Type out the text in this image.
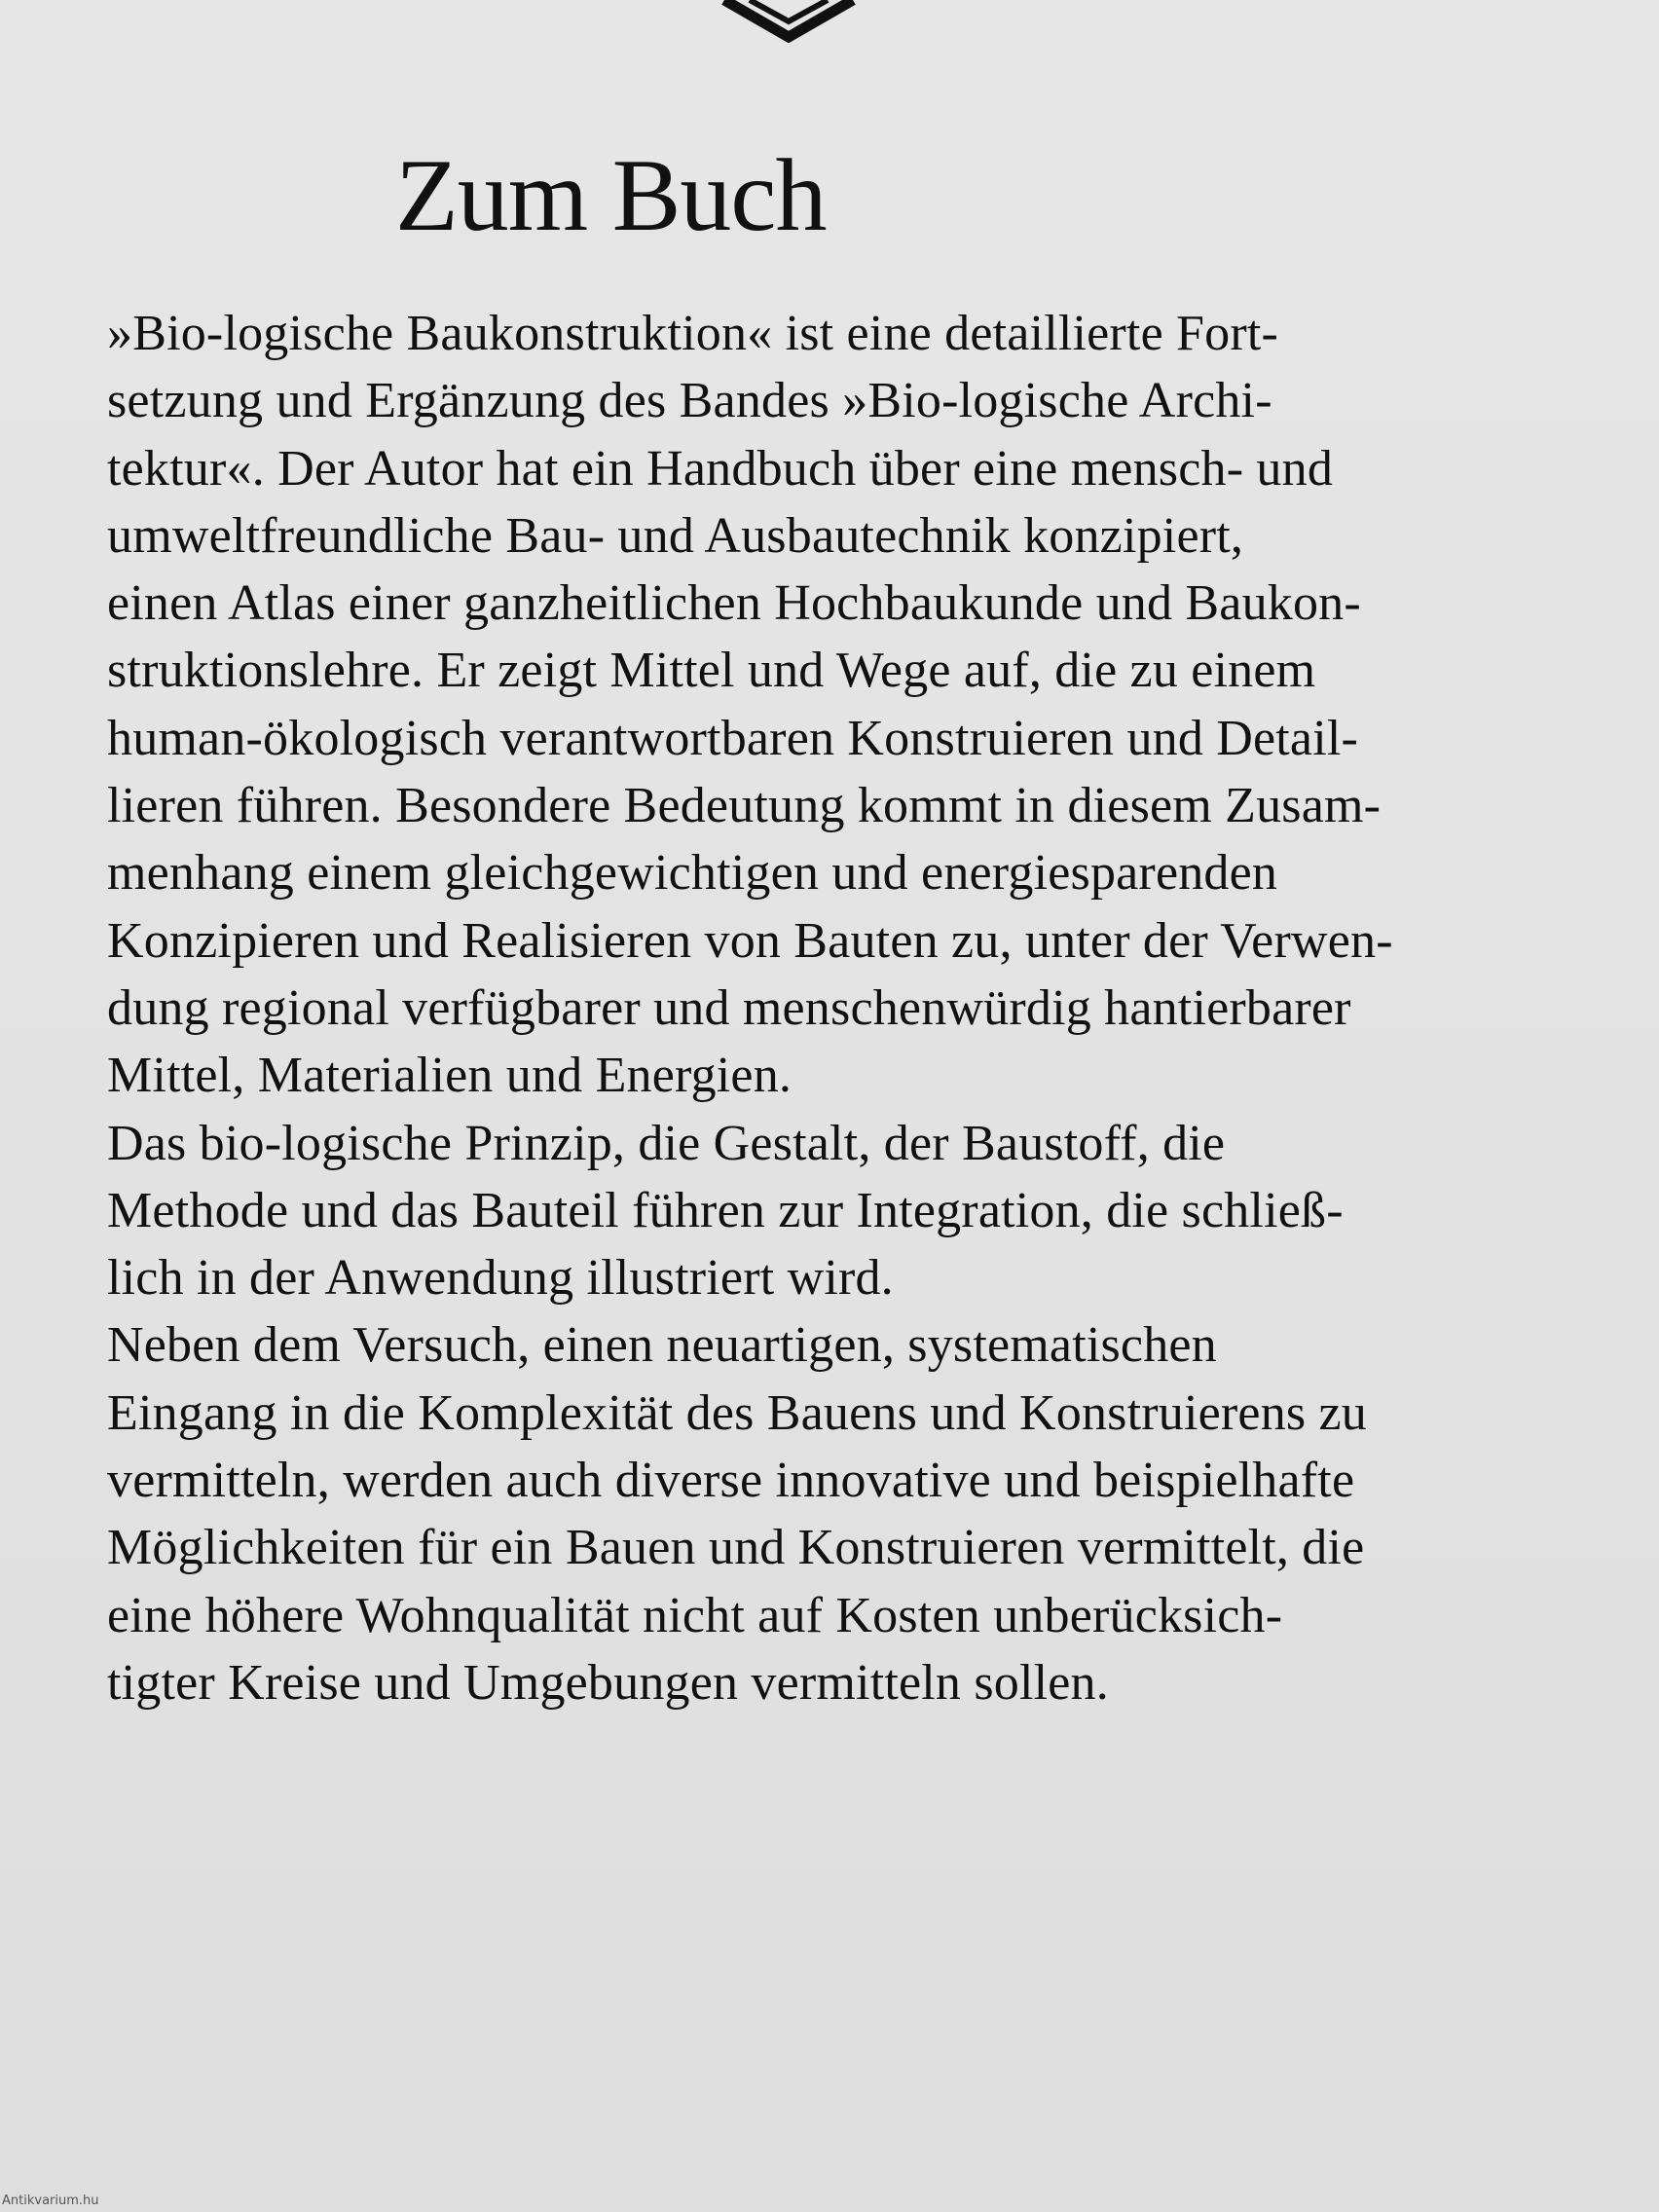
Zum Buch
»Bio-logische Baukonstruktion« ist eine detaillierte Fort-
setzung und Ergänzung des Bandes »Bio-logische Archi-
tektur«. Der Autor hat ein Handbuch über eine mensch- und
umweltfreundliche Bau- und Ausbautechnik konzipiert,
einen Atlas einer ganzheitlichen Hochbaukunde und Baukon-
struktionslehre. Er zeigt Mittel und Wege auf, die zu einem
human-ökologisch verantwortbaren Konstruieren und Detail-
lieren führen. Besondere Bedeutung kommt in diesem Zusam-
menhang einem gleichgewichtigen und energiesparenden
Konzipieren und Realisieren von Bauten zu, unter der Verwen-
dung regional verfügbarer und menschenwürdig hantierbarer
Mittel, Materialien und Energien.
Das bio-logische Prinzip, die Gestalt, der Baustoff, die
Methode und das Bauteil führen zur Integration, die schließ-
lich in der Anwendung illustriert wird.
Neben dem Versuch, einen neuartigen, systematischen
Eingang in die Komplexität des Bauens und Konstruierens zu
vermitteln, werden auch diverse innovative und beispielhafte
Möglichkeiten für ein Bauen und Konstruieren vermittelt, die
eine höhere Wohnqualität nicht auf Kosten unberücksich-
tigter Kreise und Umgebungen vermitteln sollen.
Antikvarium.hu
